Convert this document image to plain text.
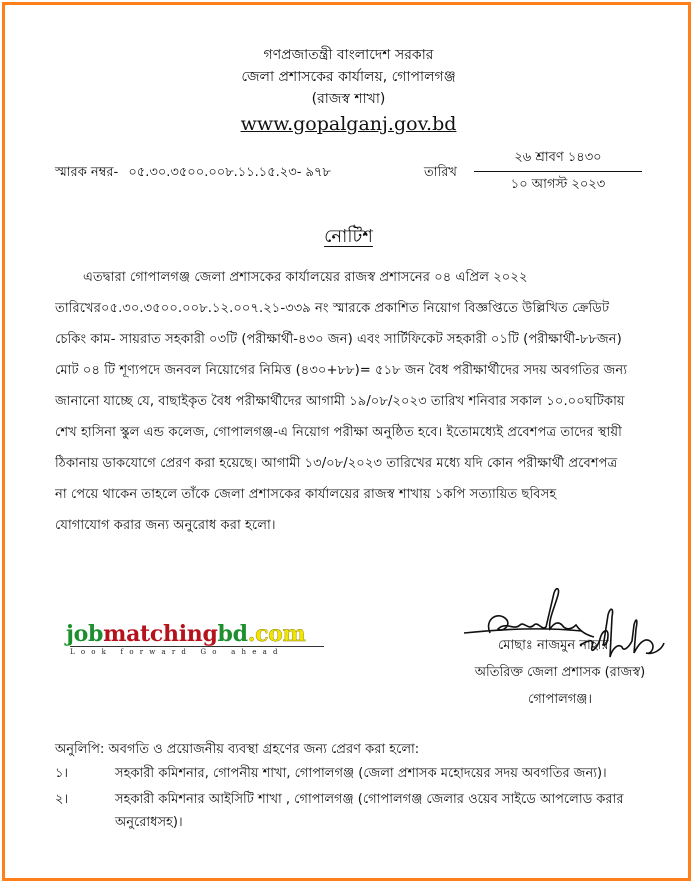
গণপ্রজাতন্ত্রী বাংলাদেশ সরকার
জেলা প্রশাসকের কার্যালয়, গোপালগঞ্জ
(রাজস্ব শাখা)
www.gopalganj.gov.bd
স্মারক নম্বর- ০৫.৩০.৩৫০০.০০৮.১১.১৫.২৩- ৯৭৮	তারিখ
২৬ শ্রাবণ ১৪৩০
১০ আগস্ট ২০২৩
নোটিশ
এতদ্বারা গোপালগঞ্জ জেলা প্রশাসকের কার্যালয়ের রাজস্ব প্রশাসনের ০৪ এপ্রিল ২০২২
তারিখের০৫.৩০.৩৫০০.০০৮.১২.০০৭.২১-৩৩৯ নং স্মারকে প্রকাশিত নিয়োগ বিজ্ঞপ্তিতে উল্লিখিত ক্রেডিট
চেকিং কাম- সায়রাত সহকারী ০৩টি (পরীক্ষার্থী-৪৩০ জন) এবং সার্টিফিকেট সহকারী ০১টি (পরীক্ষার্থী-৮৮জন)
মোট ০৪ টি শূণ্যপদে জনবল নিয়োগের নিমিত্ত (৪৩০+৮৮)= ৫১৮ জন বৈধ পরীক্ষার্থীদের সদয় অবগতির জন্য
জানানো যাচ্ছে যে, বাছাইকৃত বৈধ পরীক্ষার্থীদের আগামী ১৯/০৮/২০২৩ তারিখ শনিবার সকাল ১০.০০ঘটিকায়
শেখ হাসিনা স্কুল এন্ড কলেজ, গোপালগঞ্জ-এ নিয়োগ পরীক্ষা অনুষ্ঠিত হবে। ইতোমধ্যেই প্রবেশপত্র তাদের স্থায়ী
ঠিকানায় ডাকযোগে প্রেরণ করা হয়েছে। আগামী ১৩/০৮/২০২৩ তারিখের মধ্যে যদি কোন পরীক্ষার্থী প্রবেশপত্র
না পেয়ে থাকেন তাহলে তাঁকে জেলা প্রশাসকের কার্যালয়ের রাজস্ব শাখায় ১কপি সত্যায়িত ছবিসহ
যোগাযোগ করার জন্য অনুরোধ করা হলো।
jobmatchingbd.com
Look forward Go ahead	মোছাঃ নাজমুন নাহার
অতিরিক্ত জেলা প্রশাসক (রাজস্ব)
গোপালগঞ্জ।
অনুলিপি: অবগতি ও প্রয়োজনীয় ব্যবস্থা গ্রহণের জন্য প্রেরণ করা হলো:
১।	সহকারী কমিশনার, গোপনীয় শাখা, গোপালগঞ্জ (জেলা প্রশাসক মহোদয়ের সদয় অবগতির জন্য)।
২।	সহকারী কমিশনার আইসিটি শাখা , গোপালগঞ্জ (গোপালগঞ্জ জেলার ওয়েব সাইডে আপলোড করার
অনুরোধসহ)।
